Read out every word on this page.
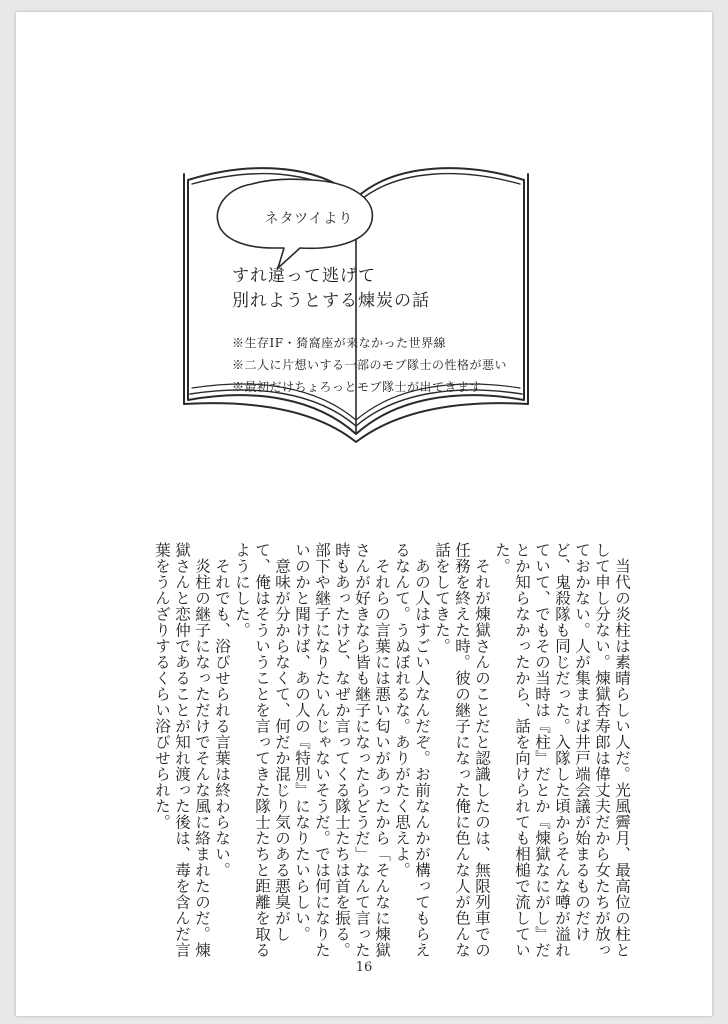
ネタツイより
すれ違って逃げて
別れようとする煉炭の話
※生存IF・猗窩座が来なかった世界線
※二人に片想いする一部のモブ隊士の性格が悪い
※最初だけちょろっとモブ隊士が出てきます

当代の炎柱は素晴らしい人だ。光風霽月、最高位の柱として申し分ない。煉獄杏寿郎は偉丈夫だから女たちが放っておかない。人が集まれば井戸端会議が始まるものだけど、鬼殺隊も同じだった。入隊した頃からそんな噂が溢れていて、でもその当時は『柱』だとか『煉獄なにがし』だとか知らなかったから、話を向けられても相槌で流していた。

それが煉獄さんのことだと認識したのは、無限列車での任務を終えた時。彼の継子になった俺に色んな人が色んな話をしてきた。

あの人はすごい人なんだぞ。お前なんかが構ってもらえるなんて。うぬぼれるな。ありがたく思えよ。

それらの言葉には悪い匂いがあったから「そんなに煉獄さんが好きなら皆も継子になったらどうだ」なんて言った時もあったけど、なぜか言ってくる隊士たちは首を振る。部下や継子になりたいんじゃないそうだ。では何になりたいのかと聞けば、あの人の『特別』になりたいらしい。

意味が分からなくて、何だか混じり気のある悪臭がして、俺はそういうことを言ってきた隊士たちと距離を取るようにした。

それでも、浴びせられる言葉は終わらない。

炎柱の継子になっただけでそんな風に絡まれたのだ。煉獄さんと恋仲であることが知れ渡った後は、毒を含んだ言葉をうんざりするくらい浴びせられた。

16
